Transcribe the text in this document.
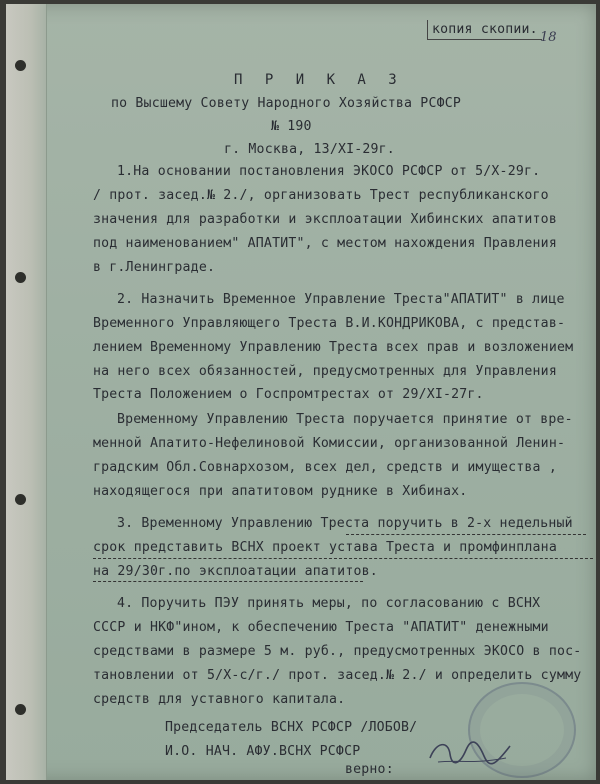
копия скопии.
18
П Р И К А З
по Высшему Совету Народного Хозяйства РСФСР
№ 190
г. Москва, 13/ХI-29г.
1.На основании постановления ЭКОСО РСФСР от 5/Х-29г.
/ прот. засед.№ 2./, организовать Трест республиканского
значения для разработки и эксплоатации Хибинских апатитов
под наименованием" АПАТИТ", с местом нахождения Правления
в г.Ленинграде.
2. Назначить Временное Управление Треста"АПАТИТ" в лице
Временного Управляющего Треста В.И.КОНДРИКОВА, с представ-
лением Временному Управлению Треста всех прав и возложением
на него всех обязанностей, предусмотренных для Управления
Треста Положением о Госпромтрестах от 29/ХI-27г.
Временному Управлению Треста поручается принятие от вре-
менной Апатито-Нефелиновой Комиссии, организованной Ленин-
градским Обл.Совнархозом, всех дел, средств и имущества ,
находящегося при апатитовом руднике в Хибинах.
3. Временному Управлению Треста поручить в 2-х недельный
срок представить ВСНХ проект устава Треста и промфинплана
на 29/30г.по эксплоатации апатитов.
4. Поручить ПЭУ принять меры, по согласованию с ВСНХ
СССР и НКФ"ином, к обеспечению Треста "АПАТИТ" денежными
средствами в размере 5 м. руб., предусмотренных ЭКОСО в пос-
тановлении от 5/Х-с/г./ прот. засед.№ 2./ и определить сумму
средств для уставного капитала.
Председатель ВСНХ РСФСР /ЛОБОВ/
И.О. НАЧ. АФУ.ВСНХ РСФСР
верно:
